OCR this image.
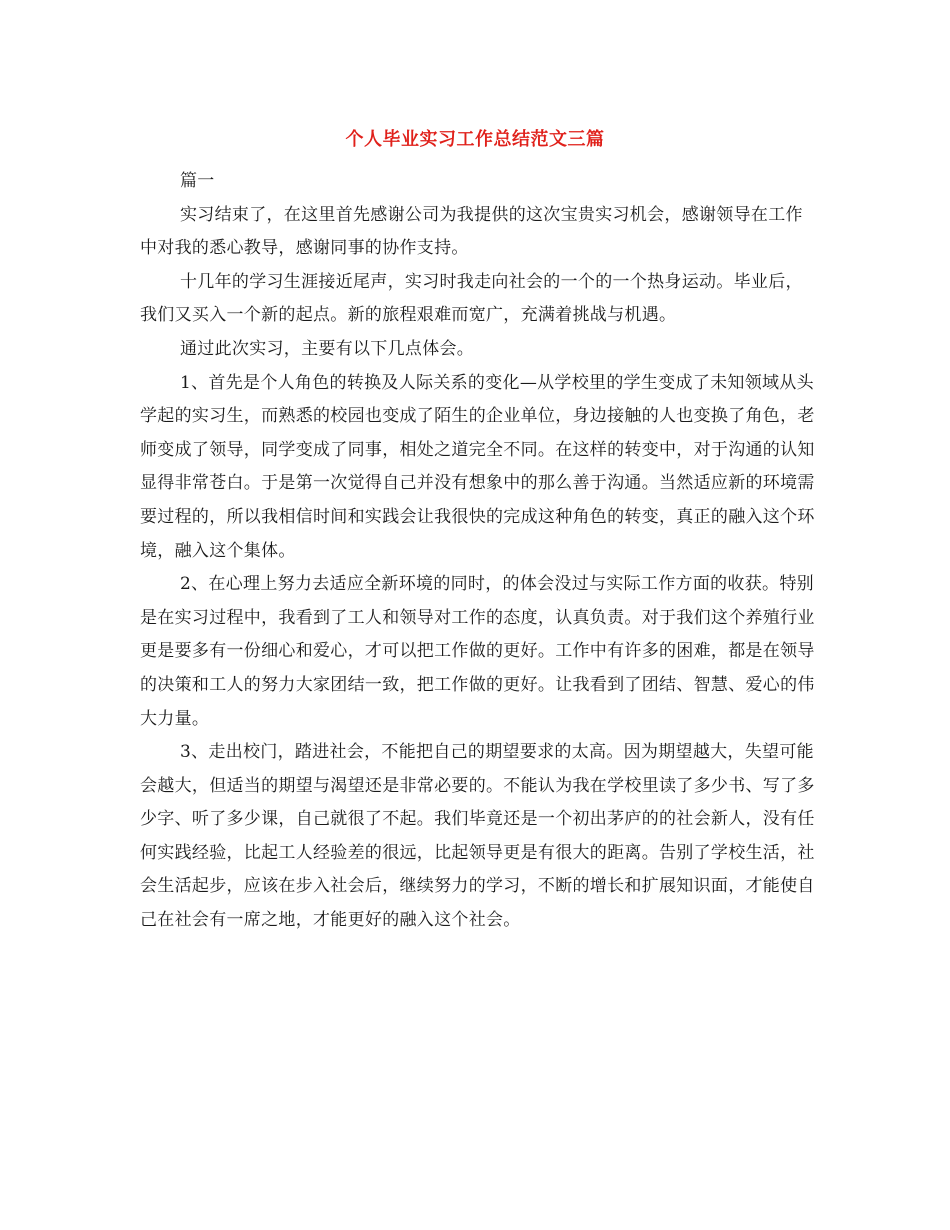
个人毕业实习工作总结范文三篇

篇一

实习结束了，在这里首先感谢公司为我提供的这次宝贵实习机会，感谢领导在工作中对我的悉心教导，感谢同事的协作支持。

十几年的学习生涯接近尾声，实习时我走向社会的一个的一个热身运动。毕业后，我们又买入一个新的起点。新的旅程艰难而宽广，充满着挑战与机遇。

通过此次实习，主要有以下几点体会。

1、首先是个人角色的转换及人际关系的变化—从学校里的学生变成了未知领域从头学起的实习生，而熟悉的校园也变成了陌生的企业单位，身边接触的人也变换了角色，老师变成了领导，同学变成了同事，相处之道完全不同。在这样的转变中，对于沟通的认知显得非常苍白。于是第一次觉得自己并没有想象中的那么善于沟通。当然适应新的环境需要过程的，所以我相信时间和实践会让我很快的完成这种角色的转变，真正的融入这个环境，融入这个集体。

2、在心理上努力去适应全新环境的同时，的体会没过与实际工作方面的收获。特别是在实习过程中，我看到了工人和领导对工作的态度，认真负责。对于我们这个养殖行业更是要多有一份细心和爱心，才可以把工作做的更好。工作中有许多的困难，都是在领导的决策和工人的努力大家团结一致，把工作做的更好。让我看到了团结、智慧、爱心的伟大力量。

3、走出校门，踏进社会，不能把自己的期望要求的太高。因为期望越大，失望可能会越大，但适当的期望与渴望还是非常必要的。不能认为我在学校里读了多少书、写了多少字、听了多少课，自己就很了不起。我们毕竟还是一个初出茅庐的的社会新人，没有任何实践经验，比起工人经验差的很远，比起领导更是有很大的距离。告别了学校生活，社会生活起步，应该在步入社会后，继续努力的学习，不断的增长和扩展知识面，才能使自己在社会有一席之地，才能更好的融入这个社会。
